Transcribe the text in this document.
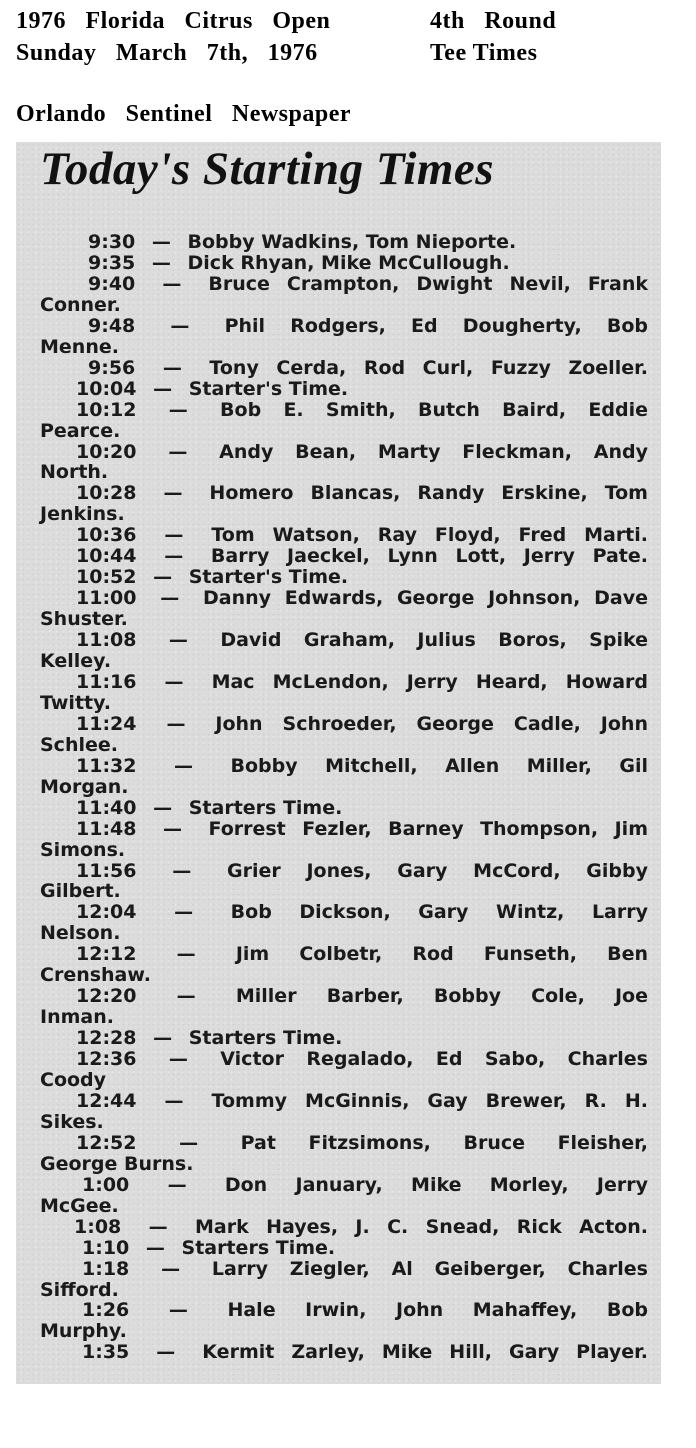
1976   Florida   Citrus   Open	4th   Round
Sunday   March   7th,   1976	Tee Times
Orlando   Sentinel   Newspaper
Today's Starting Times
9:30 — Bobby Wadkins, Tom Nieporte.
9:35 — Dick Rhyan, Mike McCullough.
9:40 — Bruce Crampton, Dwight Nevil, Frank
Conner.
9:48 — Phil Rodgers, Ed Dougherty, Bob
Menne.
9:56 — Tony Cerda, Rod Curl, Fuzzy Zoeller.
10:04 — Starter's Time.
10:12 — Bob E. Smith, Butch Baird, Eddie
Pearce.
10:20 — Andy Bean, Marty Fleckman, Andy
North.
10:28 — Homero Blancas, Randy Erskine, Tom
Jenkins.
10:36 — Tom Watson, Ray Floyd, Fred Marti.
10:44 — Barry Jaeckel, Lynn Lott, Jerry Pate.
10:52 — Starter's Time.
11:00 — Danny Edwards, George Johnson, Dave
Shuster.
11:08 — David Graham, Julius Boros, Spike
Kelley.
11:16 — Mac McLendon, Jerry Heard, Howard
Twitty.
11:24 — John Schroeder, George Cadle, John
Schlee.
11:32 — Bobby Mitchell, Allen Miller, Gil
Morgan.
11:40 — Starters Time.
11:48 — Forrest Fezler, Barney Thompson, Jim
Simons.
11:56 — Grier Jones, Gary McCord, Gibby
Gilbert.
12:04 — Bob Dickson, Gary Wintz, Larry
Nelson.
12:12 — Jim Colbetr, Rod Funseth, Ben
Crenshaw.
12:20 — Miller Barber, Bobby Cole, Joe
Inman.
12:28 — Starters Time.
12:36 — Victor Regalado, Ed Sabo, Charles
Coody
12:44 — Tommy McGinnis, Gay Brewer, R. H.
Sikes.
12:52 — Pat Fitzsimons, Bruce Fleisher,
George Burns.
1:00 — Don January, Mike Morley, Jerry
McGee.
1:08 — Mark Hayes, J. C. Snead, Rick Acton.
1:10 — Starters Time.
1:18 — Larry Ziegler, Al Geiberger, Charles
Sifford.
1:26 — Hale Irwin, John Mahaffey, Bob
Murphy.
1:35 — Kermit Zarley, Mike Hill, Gary Player.
